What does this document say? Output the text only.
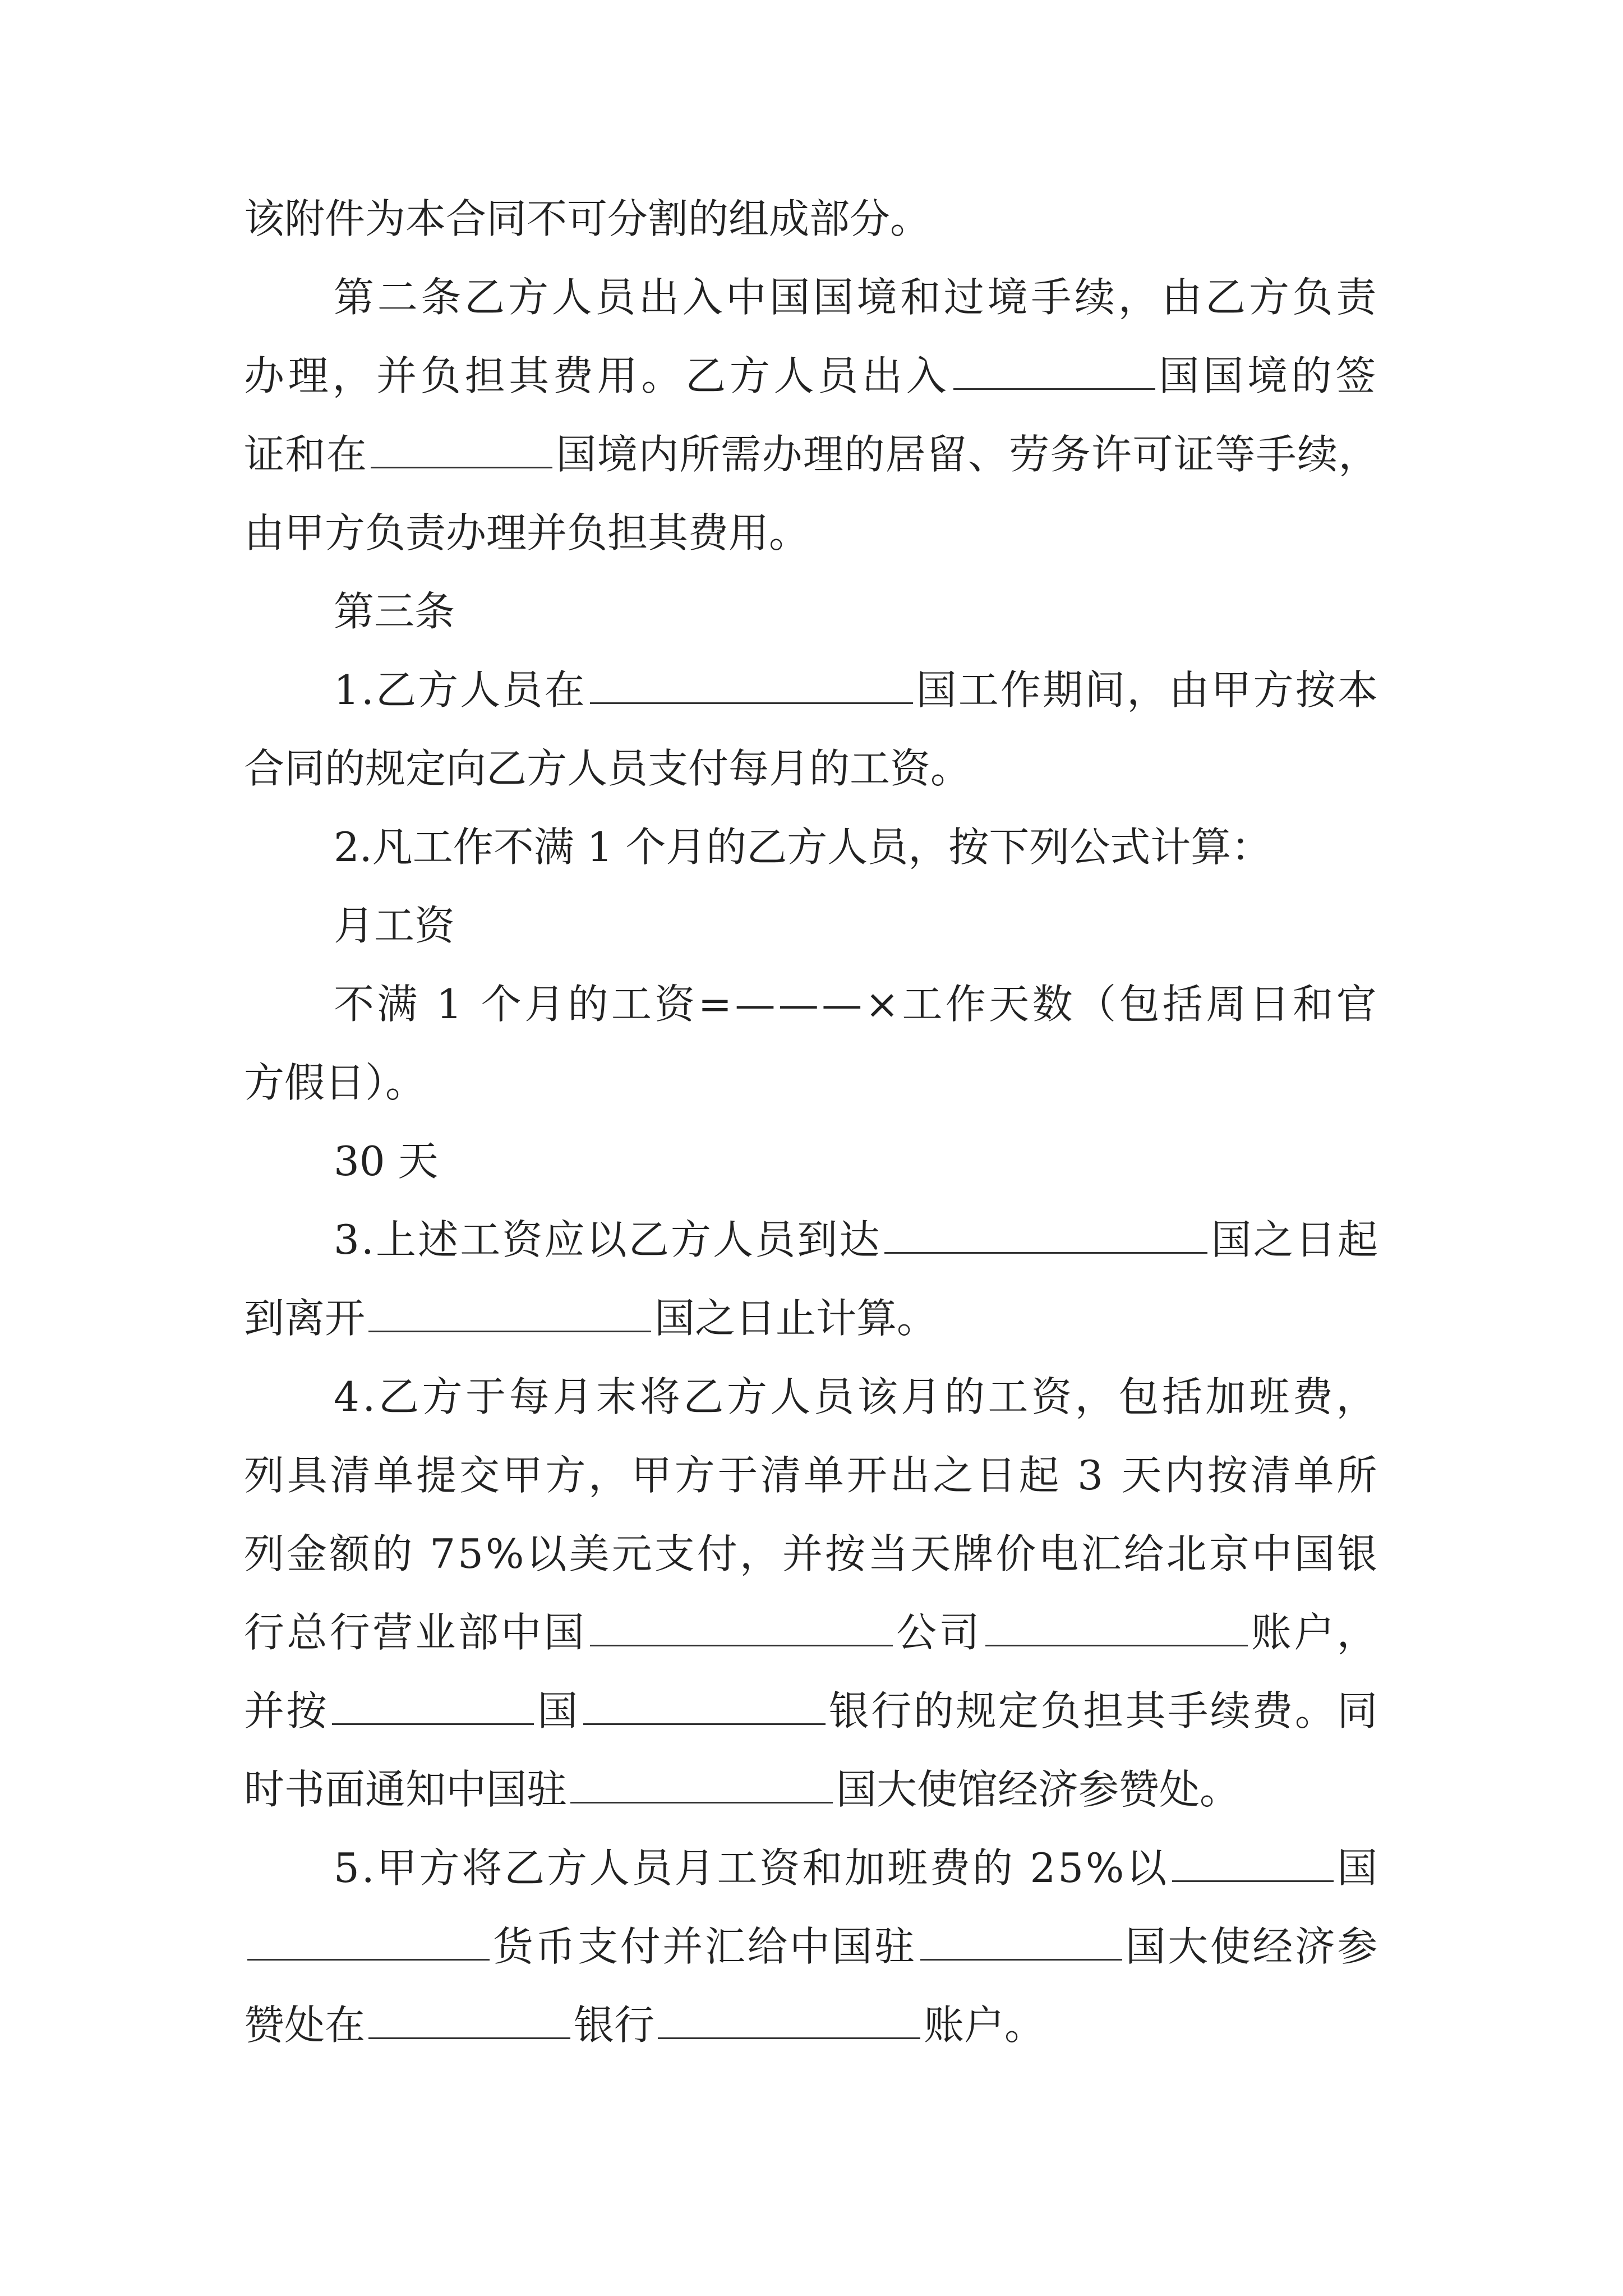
该附件为本合同不可分割的组成部分。
第二条乙方人员出入中国国境和过境手续，由乙方负责
办理，并负担其费用。乙方人员出入	国国境的签
证和在	国境内所需办理的居留、劳务许可证等手续，
由甲方负责办理并负担其费用。
第三条
1.乙方人员在	国工作期间，由甲方按本
合同的规定向乙方人员支付每月的工资。
2.凡工作不满 1 个月的乙方人员，按下列公式计算：
月工资
不满 1 个月的工资=———×工作天数（包括周日和官
方假日）。
30 天
3.上述工资应以乙方人员到达	国之日起
到离开	国之日止计算。
4.乙方于每月末将乙方人员该月的工资，包括加班费，
列具清单提交甲方，甲方于清单开出之日起 3 天内按清单所
列金额的 75%以美元支付，并按当天牌价电汇给北京中国银
行总行营业部中国	公司	账户，
并按	国	银行的规定负担其手续费。同
时书面通知中国驻	国大使馆经济参赞处。
5.甲方将乙方人员月工资和加班费的 25%以	国
货币支付并汇给中国驻	国大使经济参
赞处在	银行	账户。
